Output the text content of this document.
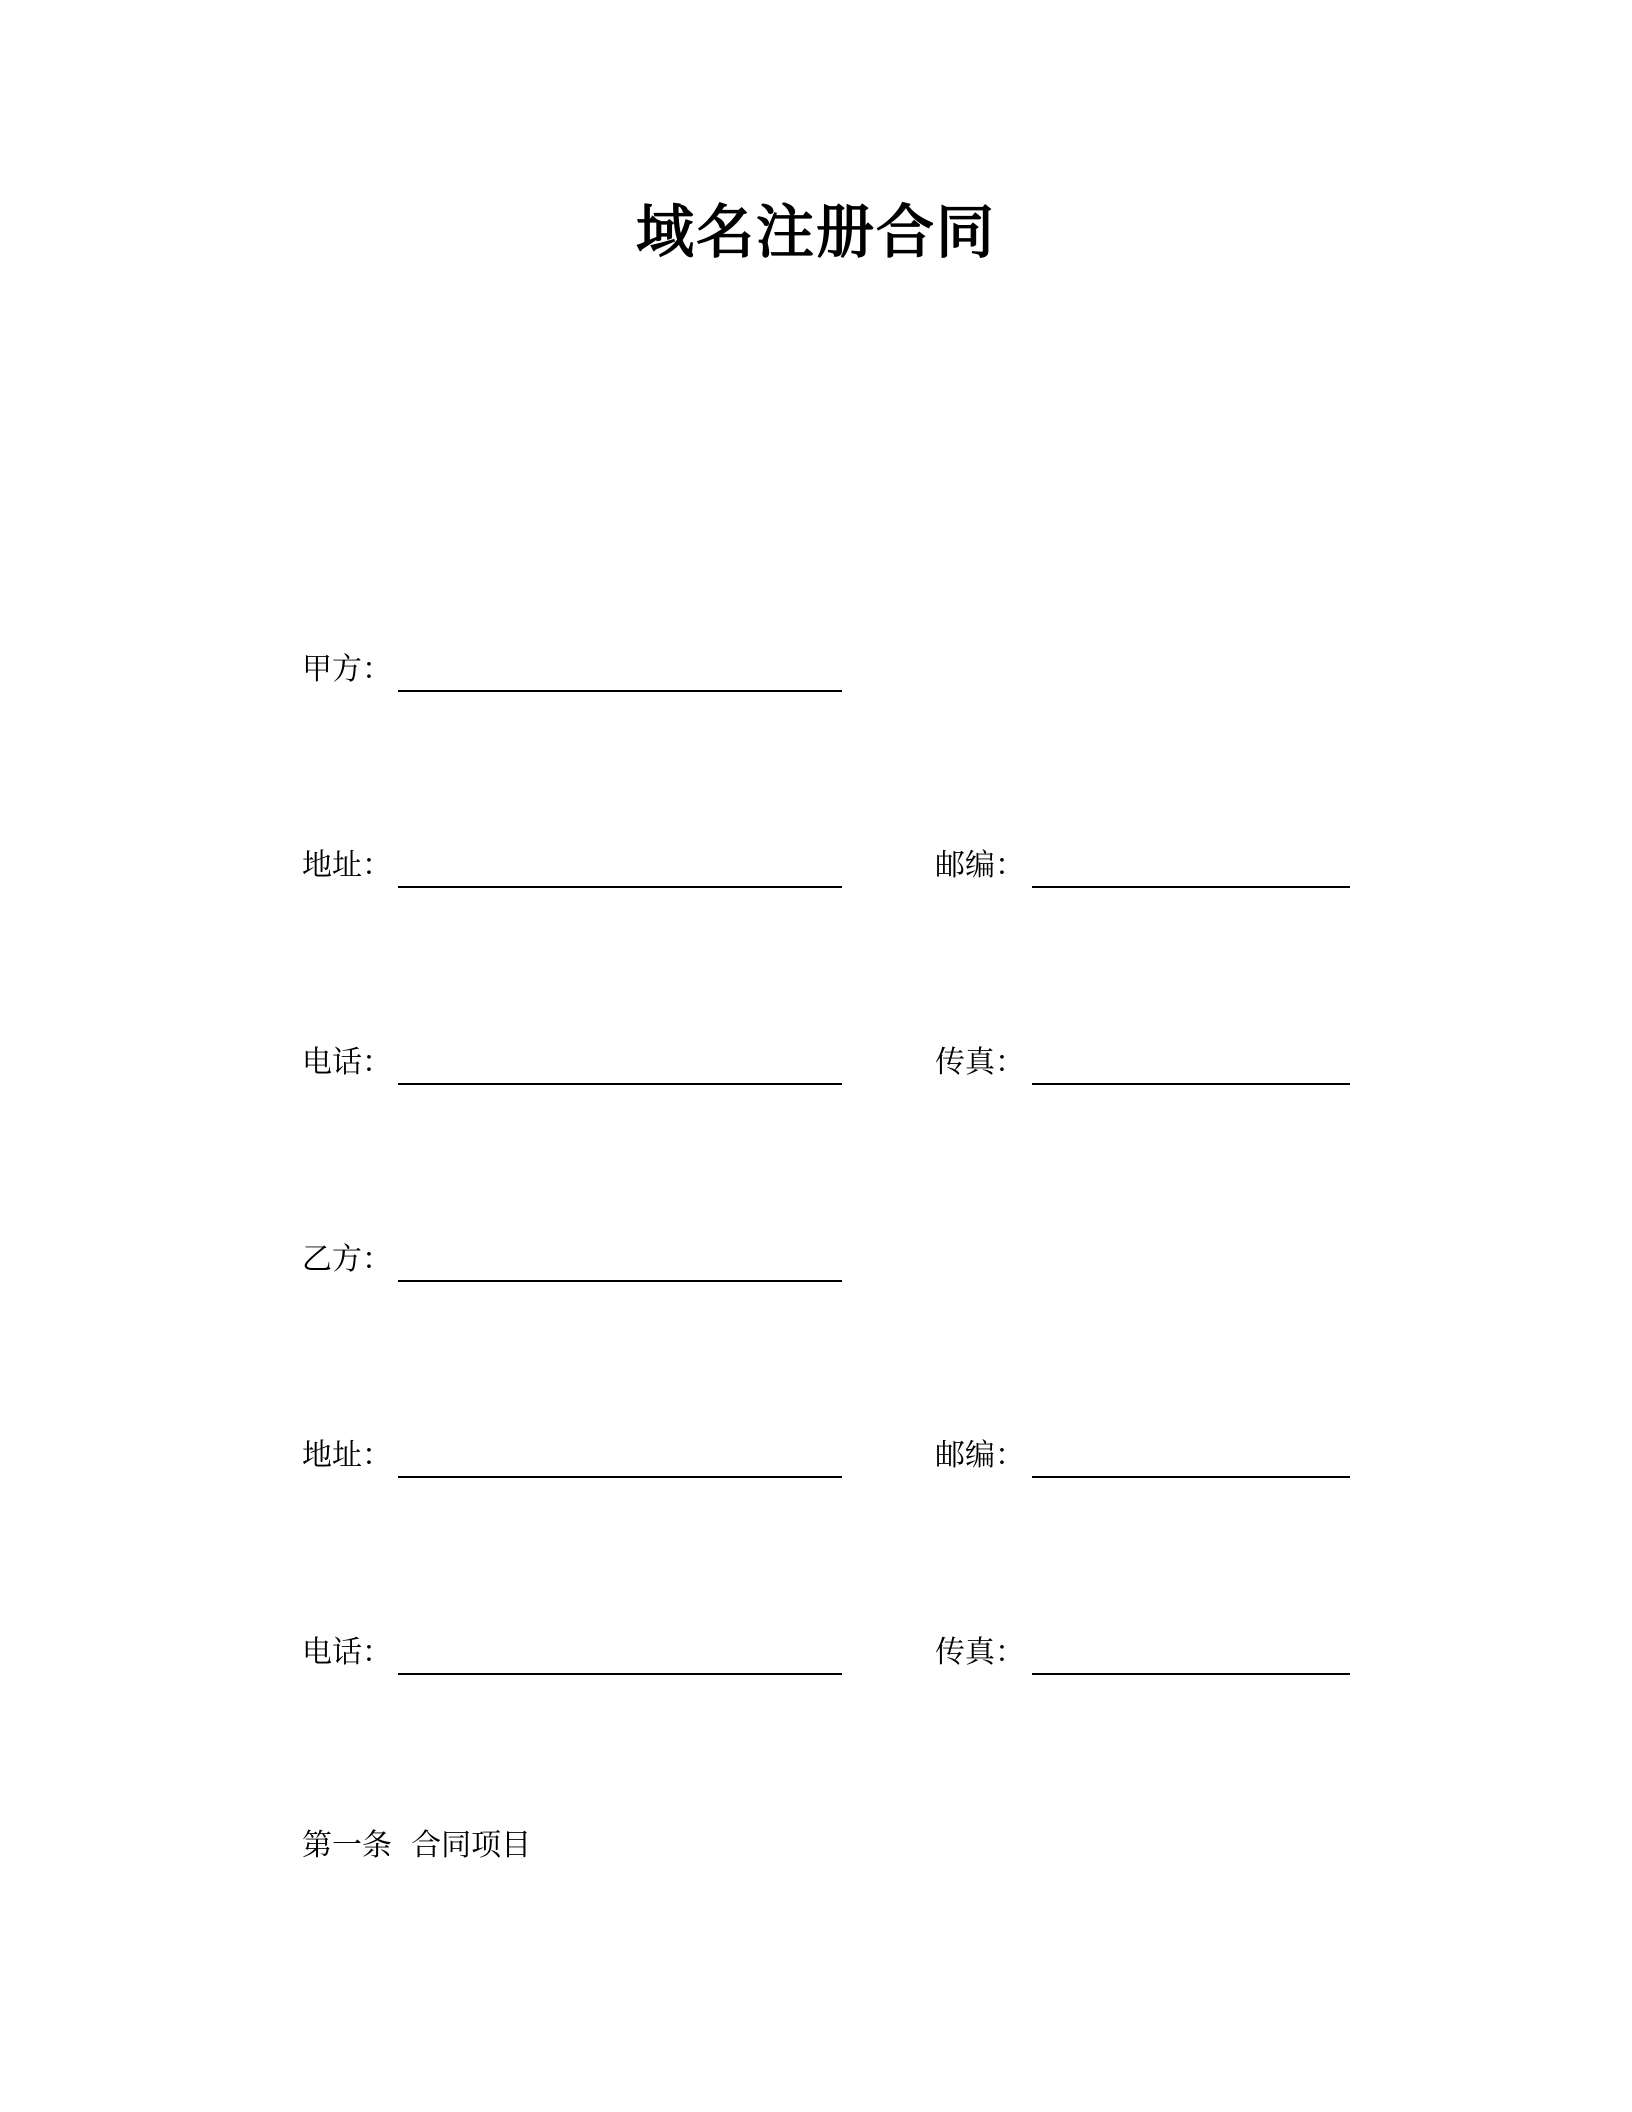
域名注册合同
甲方：
地址：	邮编：
电话：	传真：
乙方：
地址：	邮编：
电话：	传真：
第一条  合同项目
